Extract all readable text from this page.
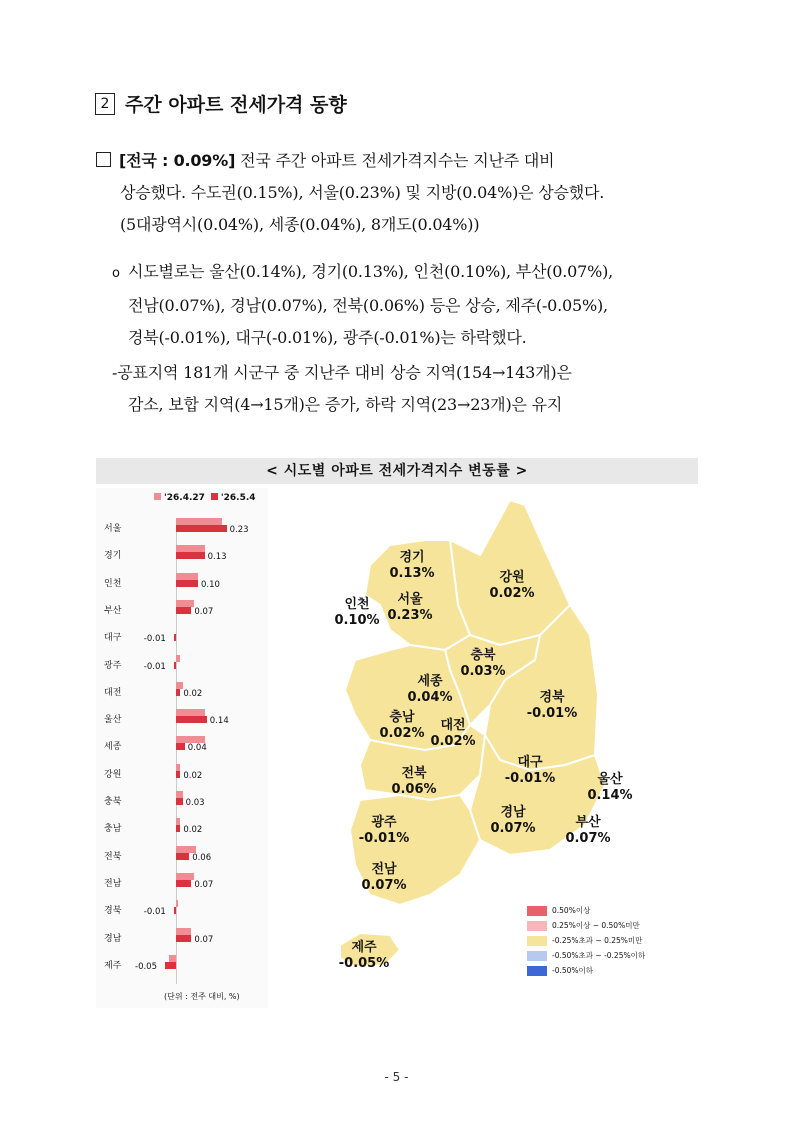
2 주간 아파트 전세가격 동향
[전국 : 0.09%] 전국 주간 아파트 전세가격지수는 지난주 대비
상승했다. 수도권(0.15%), 서울(0.23%) 및 지방(0.04%)은 상승했다.
(5대광역시(0.04%), 세종(0.04%), 8개도(0.04%))
o 시도별로는 울산(0.14%), 경기(0.13%), 인천(0.10%), 부산(0.07%),
전남(0.07%), 경남(0.07%), 전북(0.06%) 등은 상승, 제주(-0.05%),
경북(-0.01%), 대구(-0.01%), 광주(-0.01%)는 하락했다.
-공표지역 181개 시군구 중 지난주 대비 상승 지역(154→143개)은
감소, 보합 지역(4→15개)은 증가, 하락 지역(23→23개)은 유지
< 시도별 아파트 전세가격지수 변동률 >
'26.4.27	'26.5.4
(단위 : 전주 대비, %)
서울	0.23
경기	0.13
인천	0.10
부산	0.07
대구	-0.01
광주	-0.01
대전	0.02
울산	0.14
세종	0.04
강원	0.02
충북	0.03
충남	0.02
전북	0.06
전남	0.07
경북	-0.01
경남	0.07
제주	-0.05
경기
0.13%	강원
0.02%
인천
0.10%
서울
0.23%
충북
0.03%
세종
0.04%	경북
-0.01%
충남
0.02%
대전
0.02%
대구
-0.01%
전북
0.06%
울산
0.14%
광주
-0.01%
경남
0.07%	부산
0.07%
전남
0.07%
제주
-0.05%
0.50%이상
0.25%이상 ~ 0.50%미만
-0.25%초과 ~ 0.25%미만
-0.50%초과 ~ -0.25%이하
-0.50%이하
- 5 -
